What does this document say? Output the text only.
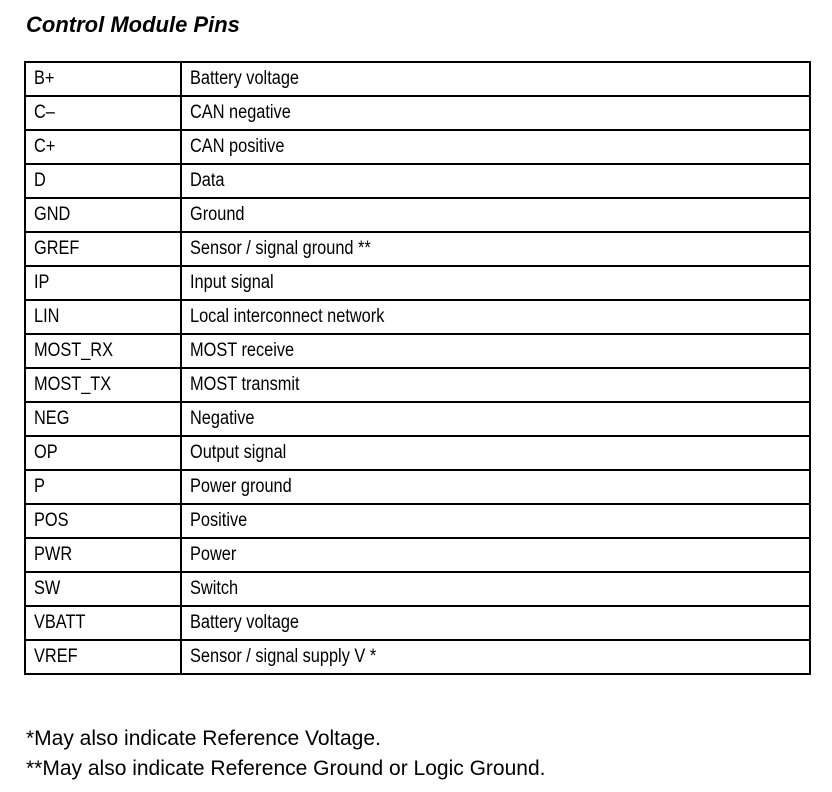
Control Module Pins
B+	Battery voltage
C–	CAN negative
C+	CAN positive
D	Data
GND	Ground
GREF	Sensor / signal ground **
IP	Input signal
LIN	Local interconnect network
MOST_RX	MOST receive
MOST_TX	MOST transmit
NEG	Negative
OP	Output signal
P	Power ground
POS	Positive
PWR	Power
SW	Switch
VBATT	Battery voltage
VREF	Sensor / signal supply V *
*May also indicate Reference Voltage.
**May also indicate Reference Ground or Logic Ground.
